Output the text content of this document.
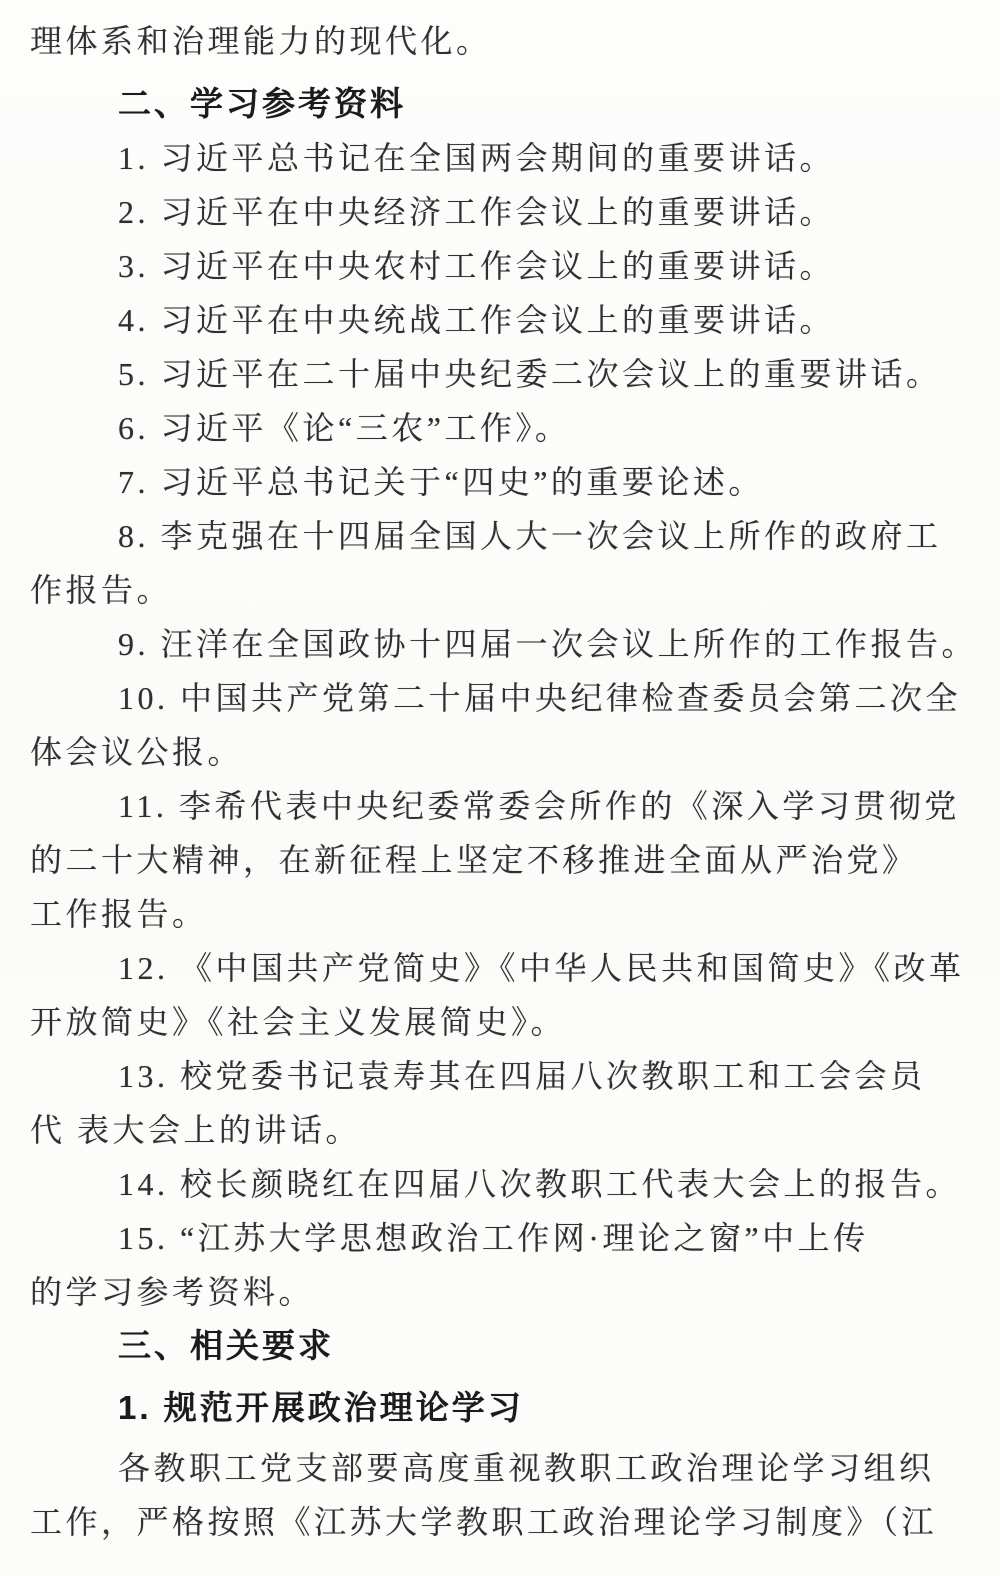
理体系和治理能力的现代化。
二、学习参考资料
1. 习近平总书记在全国两会期间的重要讲话。
2. 习近平在中央经济工作会议上的重要讲话。
3. 习近平在中央农村工作会议上的重要讲话。
4. 习近平在中央统战工作会议上的重要讲话。
5. 习近平在二十届中央纪委二次会议上的重要讲话。
6. 习近平《论“三农”工作》。
7. 习近平总书记关于“四史”的重要论述。
8. 李克强在十四届全国人大一次会议上所作的政府工
作报告。
9. 汪洋在全国政协十四届一次会议上所作的工作报告。
10. 中国共产党第二十届中央纪律检查委员会第二次全
体会议公报。
11. 李希代表中央纪委常委会所作的《深入学习贯彻党
的二十大精神，在新征程上坚定不移推进全面从严治党》
工作报告。
12. 《中国共产党简史》《中华人民共和国简史》《改革
开放简史》《社会主义发展简史》。
13. 校党委书记袁寿其在四届八次教职工和工会会员
代 表大会上的讲话。
14. 校长颜晓红在四届八次教职工代表大会上的报告。
15. “江苏大学思想政治工作网·理论之窗”中上传
的学习参考资料。
三、相关要求
1. 规范开展政治理论学习
各教职工党支部要高度重视教职工政治理论学习组织
工作，严格按照《江苏大学教职工政治理论学习制度》（江
